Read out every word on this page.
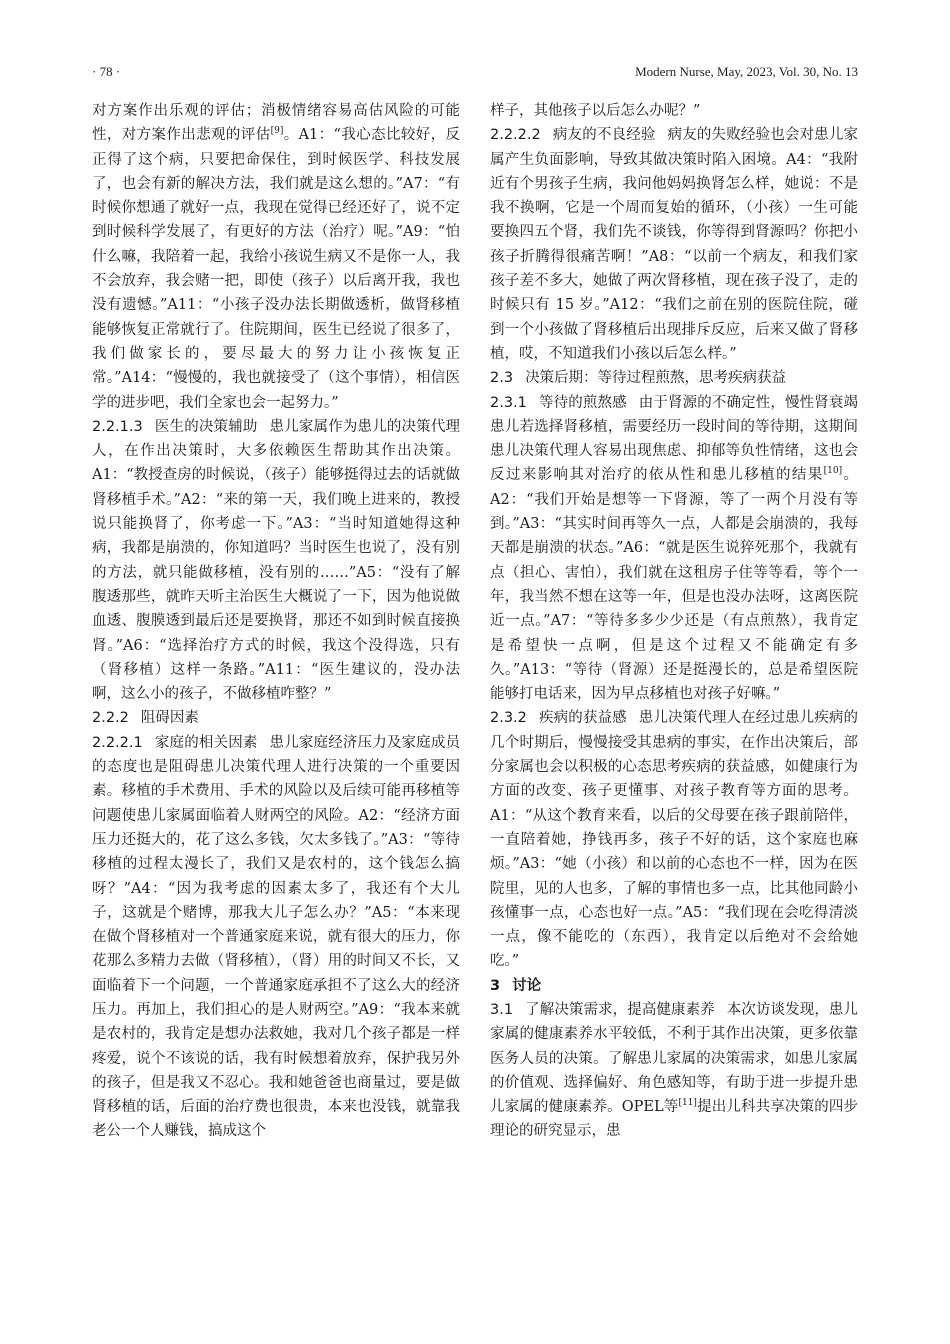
· 78 ·	Modern Nurse, May, 2023, Vol. 30, No. 13

对方案作出乐观的评估；消极情绪容易高估风险的可能性，对方案作出悲观的评估[9]。A1：“我心态比较好，反正得了这个病，只要把命保住，到时候医学、科技发展了，也会有新的解决方法，我们就是这么想的。”A7：“有时候你想通了就好一点，我现在觉得已经还好了，说不定到时候科学发展了，有更好的方法（治疗）呢。”A9：“怕什么嘛，我陪着一起，我给小孩说生病又不是你一人，我不会放弃，我会赌一把，即使（孩子）以后离开我，我也没有遗憾。”A11：“小孩子没办法长期做透析，做肾移植能够恢复正常就行了。住院期间，医生已经说了很多了，我们做家长的，要尽最大的努力让小孩恢复正常。”A14：“慢慢的，我也就接受了（这个事情），相信医学的进步吧，我们全家也会一起努力。”

2.2.1.3 医生的决策辅助 患儿家属作为患儿的决策代理人，在作出决策时，大多依赖医生帮助其作出决策。A1：“教授查房的时候说，（孩子）能够挺得过去的话就做肾移植手术。”A2：“来的第一天，我们晚上进来的，教授说只能换肾了，你考虑一下。”A3：“当时知道她得这种病，我都是崩溃的，你知道吗？当时医生也说了，没有别的方法，就只能做移植，没有别的……”A5：“没有了解腹透那些，就昨天听主治医生大概说了一下，因为他说做血透、腹膜透到最后还是要换肾，那还不如到时候直接换肾。”A6：“选择治疗方式的时候，我这个没得选，只有（肾移植）这样一条路。”A11：“医生建议的，没办法啊，这么小的孩子，不做移植咋整？”

2.2.2 阻碍因素

2.2.2.1 家庭的相关因素 患儿家庭经济压力及家庭成员的态度也是阻碍患儿决策代理人进行决策的一个重要因素。移植的手术费用、手术的风险以及后续可能再移植等问题使患儿家属面临着人财两空的风险。A2：“经济方面压力还挺大的，花了这么多钱，欠太多钱了。”A3：“等待移植的过程太漫长了，我们又是农村的，这个钱怎么搞呀？”A4：“因为我考虑的因素太多了，我还有个大儿子，这就是个赌博，那我大儿子怎么办？”A5：“本来现在做个肾移植对一个普通家庭来说，就有很大的压力，你花那么多精力去做（肾移植），（肾）用的时间又不长，又面临着下一个问题，一个普通家庭承担不了这么大的经济压力。再加上，我们担心的是人财两空。”A9：“我本来就是农村的，我肯定是想办法救她，我对几个孩子都是一样疼爱，说个不该说的话，我有时候想着放弃，保护我另外的孩子，但是我又不忍心。我和她爸爸也商量过，要是做肾移植的话，后面的治疗费也很贵，本来也没钱，就靠我老公一个人赚钱，搞成这个

样子，其他孩子以后怎么办呢？”

2.2.2.2 病友的不良经验 病友的失败经验也会对患儿家属产生负面影响，导致其做决策时陷入困境。A4：“我附近有个男孩子生病，我问他妈妈换肾怎么样，她说：不是我不换啊，它是一个周而复始的循环，（小孩）一生可能要换四五个肾，我们先不谈钱，你等得到肾源吗？你把小孩子折腾得很痛苦啊！”A8：“以前一个病友，和我们家孩子差不多大，她做了两次肾移植，现在孩子没了，走的时候只有 15 岁。”A12：“我们之前在别的医院住院，碰到一个小孩做了肾移植后出现排斥反应，后来又做了肾移植，哎，不知道我们小孩以后怎么样。”

2.3 决策后期：等待过程煎熬，思考疾病获益

2.3.1 等待的煎熬感 由于肾源的不确定性，慢性肾衰竭患儿若选择肾移植，需要经历一段时间的等待期，这期间患儿决策代理人容易出现焦虑、抑郁等负性情绪，这也会反过来影响其对治疗的依从性和患儿移植的结果[10]。A2：“我们开始是想等一下肾源，等了一两个月没有等到。”A3：“其实时间再等久一点，人都是会崩溃的，我每天都是崩溃的状态。”A6：“就是医生说猝死那个，我就有点（担心、害怕），我们就在这租房子住等等看，等个一年，我当然不想在这等一年，但是也没办法呀，这离医院近一点。”A7：“等待多多少少还是（有点煎熬），我肯定是希望快一点啊，但是这个过程又不能确定有多久。”A13：“等待（肾源）还是挺漫长的，总是希望医院能够打电话来，因为早点移植也对孩子好嘛。”

2.3.2 疾病的获益感 患儿决策代理人在经过患儿疾病的几个时期后，慢慢接受其患病的事实，在作出决策后，部分家属也会以积极的心态思考疾病的获益感，如健康行为方面的改变、孩子更懂事、对孩子教育等方面的思考。A1：“从这个教育来看，以后的父母要在孩子跟前陪伴，一直陪着她，挣钱再多，孩子不好的话，这个家庭也麻烦。”A3：“她（小孩）和以前的心态也不一样，因为在医院里，见的人也多，了解的事情也多一点，比其他同龄小孩懂事一点，心态也好一点。”A5：“我们现在会吃得清淡一点，像不能吃的（东西），我肯定以后绝对不会给她吃。”

3 讨论

3.1 了解决策需求，提高健康素养 本次访谈发现，患儿家属的健康素养水平较低，不利于其作出决策，更多依靠医务人员的决策。了解患儿家属的决策需求，如患儿家属的价值观、选择偏好、角色感知等，有助于进一步提升患儿家属的健康素养。OPEL等[11]提出儿科共享决策的四步理论的研究显示，患
